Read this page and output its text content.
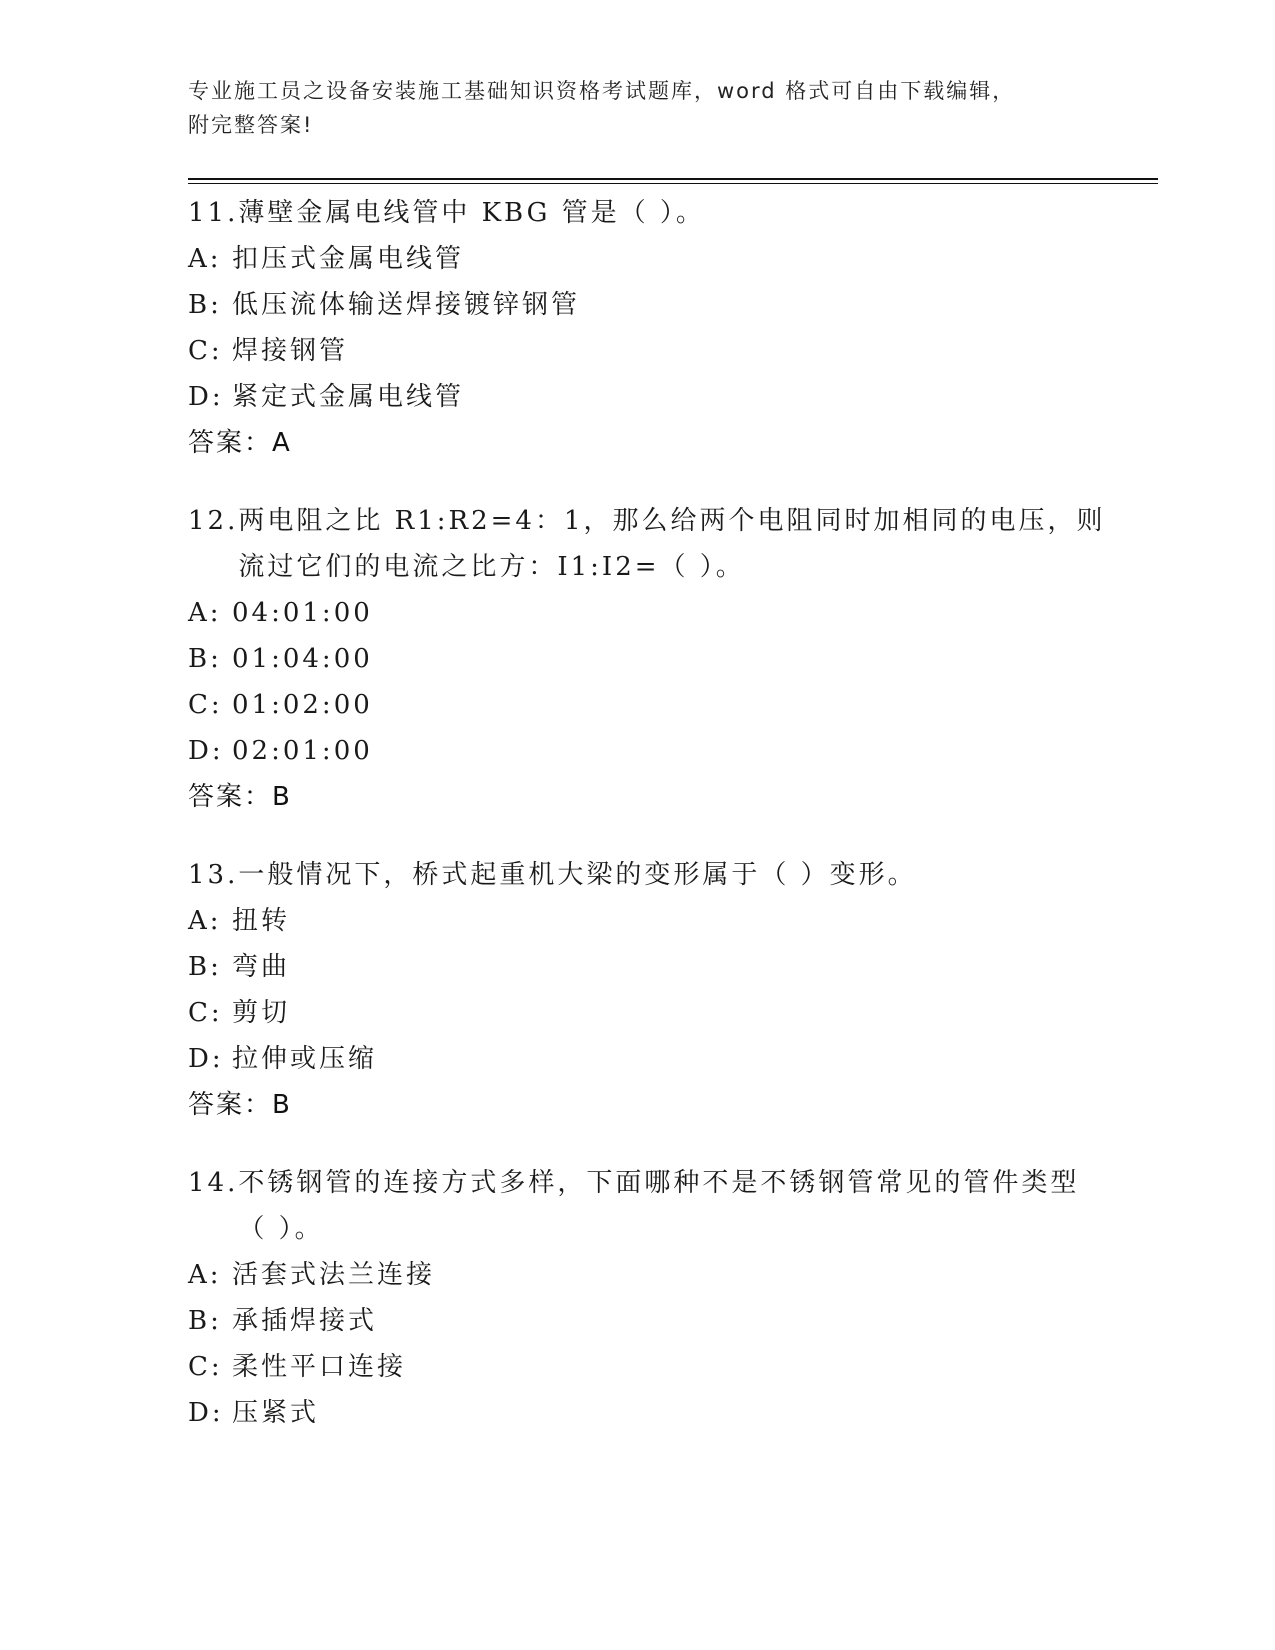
专业施工员之设备安装施工基础知识资格考试题库，word 格式可自由下载编辑，
附完整答案!
11. 薄壁金属电线管中 KBG 管是（ ）。
A: 扣压式金属电线管
B: 低压流体输送焊接镀锌钢管
C: 焊接钢管
D: 紧定式金属电线管
答案：A
12. 两电阻之比 R1:R2=4：1，那么给两个电阻同时加相同的电压，则流过它们的电流之比方：I1:I2=（ ）。
A: 04:01:00
B: 01:04:00
C: 01:02:00
D: 02:01:00
答案：B
13. 一般情况下，桥式起重机大梁的变形属于（ ）变形。
A: 扭转
B: 弯曲
C: 剪切
D: 拉伸或压缩
答案：B
14. 不锈钢管的连接方式多样，下面哪种不是不锈钢管常见的管件类型（ ）。
A: 活套式法兰连接
B: 承插焊接式
C: 柔性平口连接
D: 压紧式
